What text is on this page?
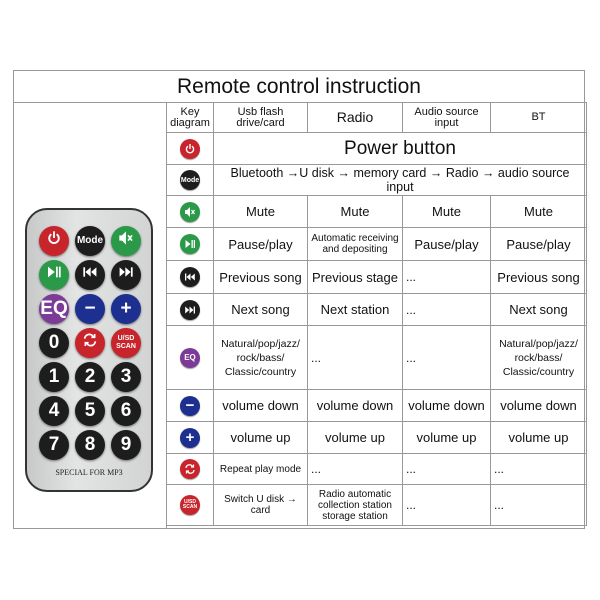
Remote control instruction
Mode
EQ −	+
0	U/SD SCAN
1	2	3
4	5	6
7	8	9
SPECIAL FOR MP3
Key diagram	Usb flash drive/card	Radio	Audio source input	BT

	Power button			

Mode	Bluetooth →U disk → memory card → Radio → audio source input			

	Mute	Mute	Mute	Mute

	Pause/play	Automatic receiving and depositing	Pause/play	Pause/play

	Previous song	Previous stage	...	Previous song

	Next song	Next station	...	Next song

EQ	Natural/pop/jazz/ rock/bass/ Classic/country	...	...	Natural/pop/jazz/ rock/bass/ Classic/country

−	volume down	volume down	volume down	volume down

+	volume up	volume up	volume up	volume up

	Repeat play mode	...	...	...

U/SD SCAN	Switch U disk → card	Radio automatic collection station storage station	...	...
